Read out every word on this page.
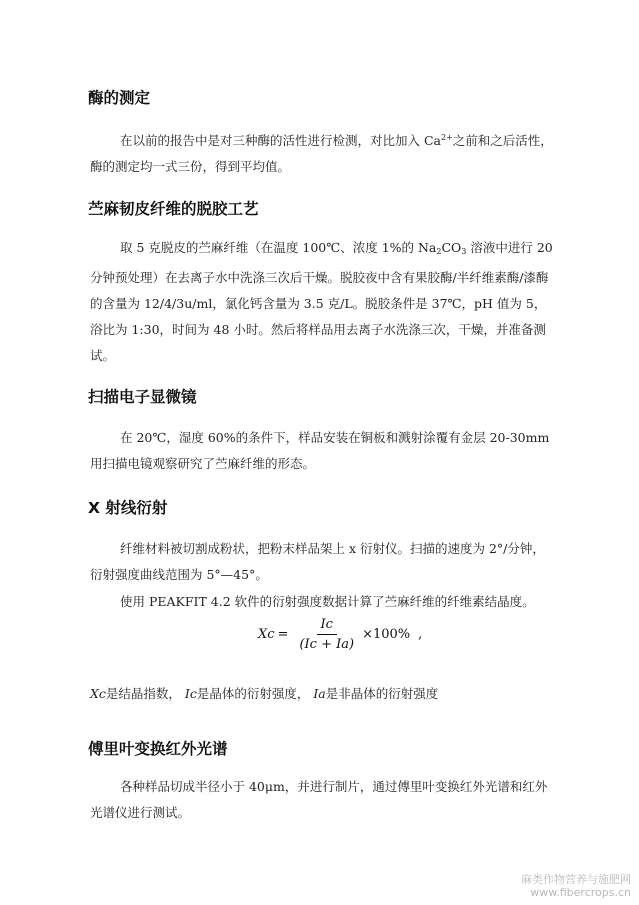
酶的测定

在以前的报告中是对三种酶的活性进行检测，对比加入 $Ca^{2+}$之前和之后活性，酶的测定均一式三份，得到平均值。

苎麻韧皮纤维的脱胶工艺

取 5 克脱皮的苎麻纤维（在温度 100℃、浓度 1%的 $Na_2CO_3$ 溶液中进行 20 分钟预处理）在去离子水中洗涤三次后干燥。脱胶夜中含有果胶酶/半纤维素酶/漆酶的含量为 12/4/3u/ml，氯化钙含量为 3.5 克/L。脱胶条件是 37℃，pH 值为 5，浴比为 1:30，时间为 48 小时。然后将样品用去离子水洗涤三次，干燥，并准备测试。

扫描电子显微镜

在 20℃，湿度 60%的条件下，样品安装在铜板和溅射涂覆有金层 20-30mm 用扫描电镜观察研究了苎麻纤维的形态。

X 射线衍射

纤维材料被切割成粉状，把粉末样品架上 x 衍射仪。扫描的速度为 2°/分钟，衍射强度曲线范围为 5°—45°。

使用 PEAKFIT 4.2 软件的衍射强度数据计算了苎麻纤维的纤维素结晶度。

$Xc = \frac{Ic}{(Ic + Ia)} \times 100\%$ ,

Xc是结晶指数， Ic是晶体的衍射强度， Ia是非晶体的衍射强度

傅里叶变换红外光谱

各种样品切成半径小于 40μm，并进行制片，通过傅里叶变换红外光谱和红外光谱仪进行测试。

麻类作物营养与施肥网
www.fibercrops.cn
